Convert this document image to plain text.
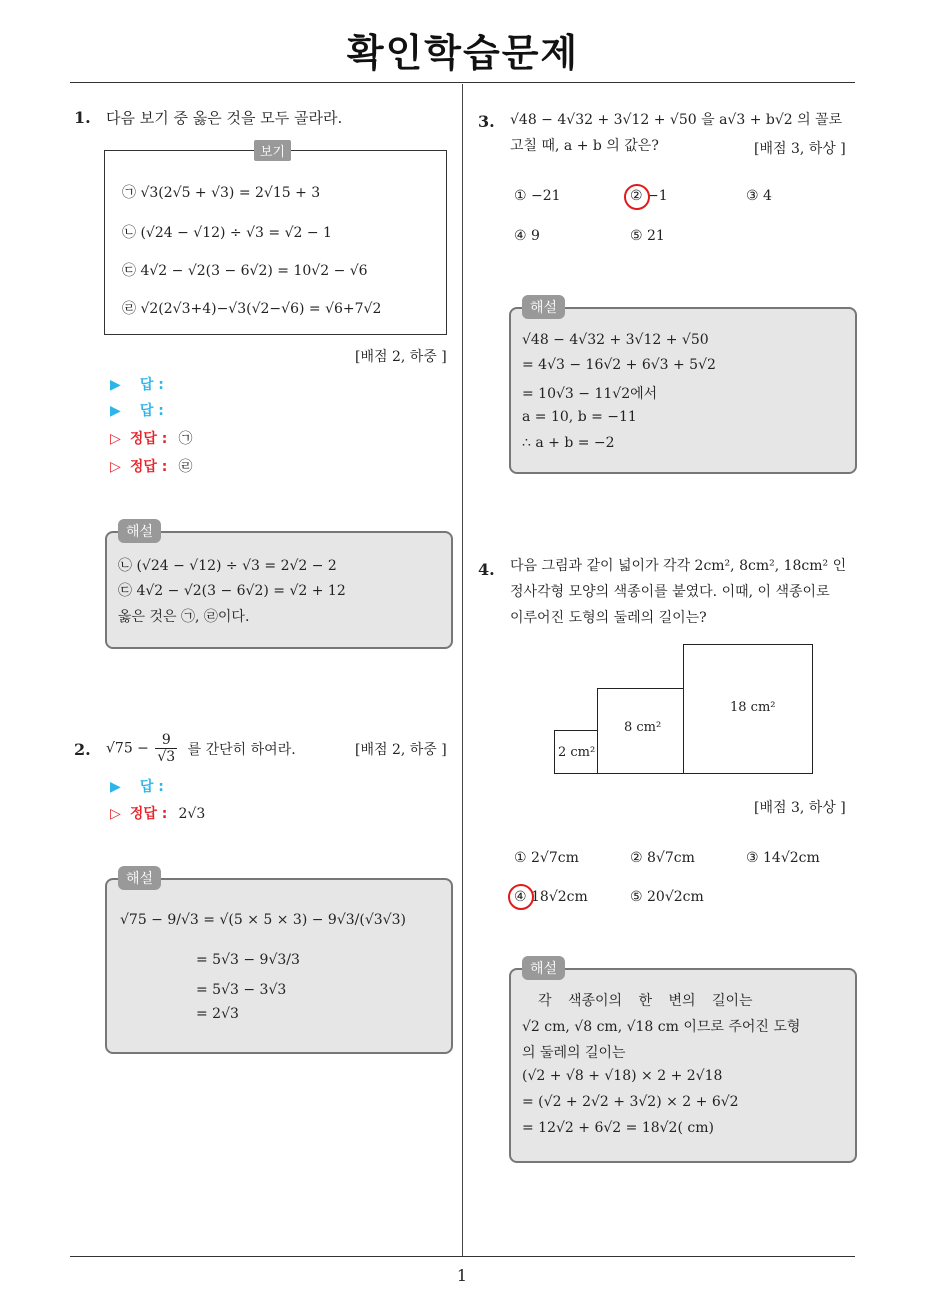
확인학습문제
1
1. 다음 보기 중 옳은 것을 모두 골라라.
보기
㉠ √3(2√5 + √3) = 2√15 + 3
㉡ (√24 − √12) ÷ √3 = √2 − 1
㉢ 4√2 − √2(3 − 6√2) = 10√2 − √6
㉣ √2(2√3+4)−√3(√2−√6) = √6+7√2
[배점 2, 하중 ]
▶ 답 :
▶ 답 :
▷ 정답 : ㉠
▷ 정답 : ㉣
해설
㉡ (√24 − √12) ÷ √3 = 2√2 − 2
㉢ 4√2 − √2(3 − 6√2) = √2 + 12
옳은 것은 ㉠, ㉣이다.
2. $√75 - \frac{9}{√3}$ 를 간단히 하여라.	[배점 2, 하중 ]
▶ 답 :
▷ 정답 : 2√3
해설
√75 − 9/√3 = √(5 × 5 × 3) − 9√3/(√3√3)
= 5√3 − 9√3/3
= 5√3 − 3√3
= 2√3
3. √48 − 4√32 + 3√12 + √50 을 a√3 + b√2 의 꼴로
고칠 때, a + b 의 값은?	[배점 3, 하상 ]
① −21	② −1	③ 4
④ 9	⑤ 21
해설
√48 − 4√32 + 3√12 + √50
= 4√3 − 16√2 + 6√3 + 5√2
= 10√3 − 11√2에서
a = 10, b = −11
∴ a + b = −2
4. 다음 그림과 같이 넓이가 각각 2cm², 8cm², 18cm² 인
정사각형 모양의 색종이를 붙였다. 이때, 이 색종이로
이루어진 도형의 둘레의 길이는?
2 cm²
8 cm²
18 cm²
[배점 3, 하상 ]
① 2√7cm	② 8√7cm	③ 14√2cm
④ 18√2cm	⑤ 20√2cm
해설
각 색종이의 한 변의 길이는
√2 cm, √8 cm, √18 cm 이므로 주어진 도형
의 둘레의 길이는
(√2 + √8 + √18) × 2 + 2√18
= (√2 + 2√2 + 3√2) × 2 + 6√2
= 12√2 + 6√2 = 18√2( cm)
